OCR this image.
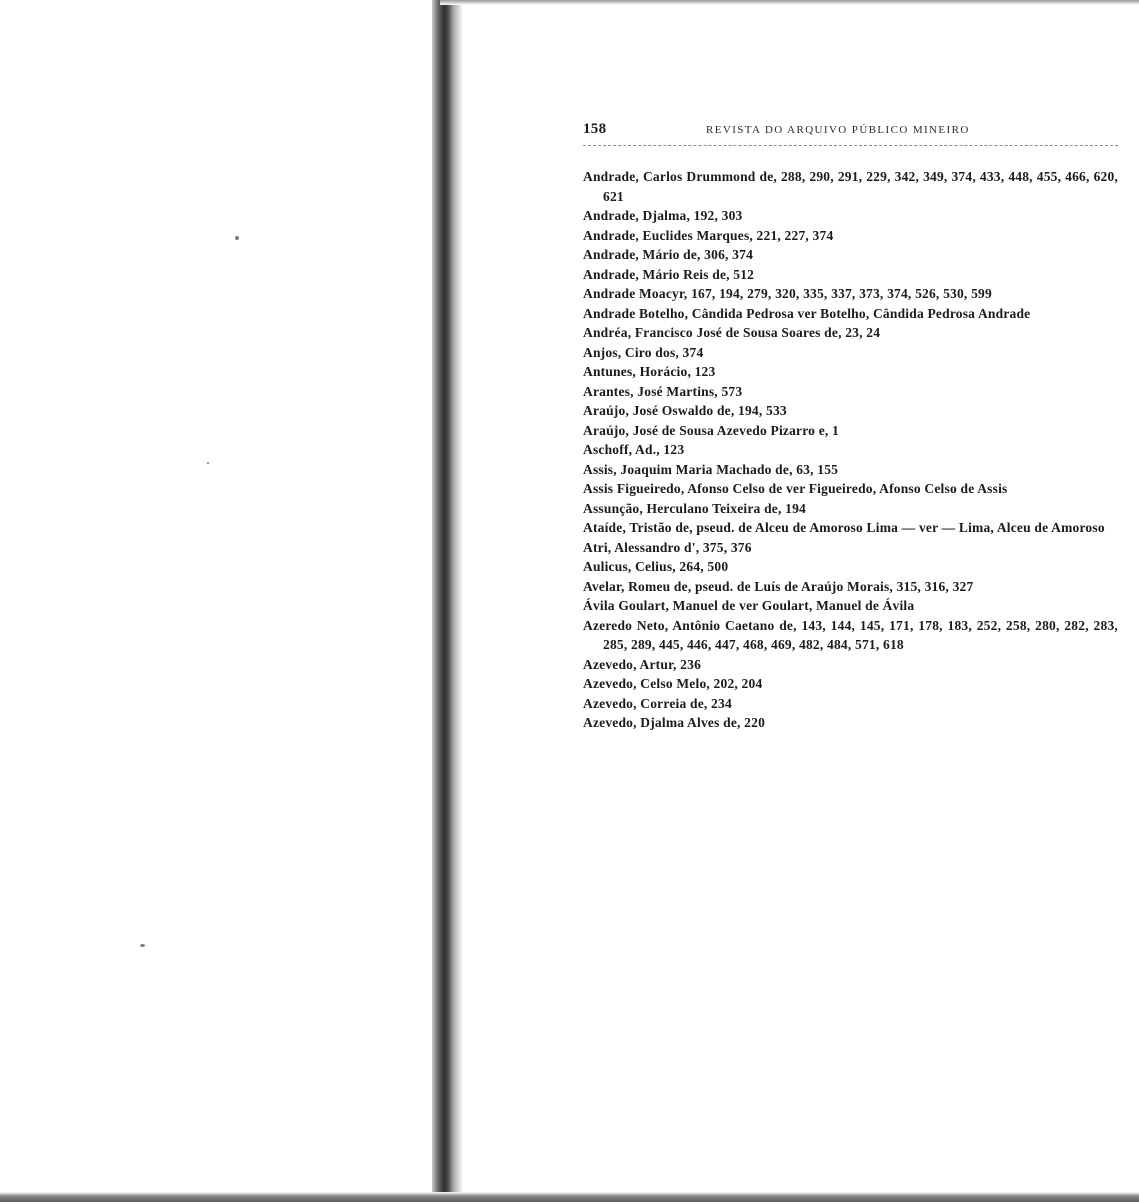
158	REVISTA DO ARQUIVO PÚBLICO MINEIRO

Andrade, Carlos Drummond de, 288, 290, 291, 229, 342, 349, 374, 433, 448, 455, 466, 620, 621

Andrade, Djalma, 192, 303

Andrade, Euclides Marques, 221, 227, 374

Andrade, Mário de, 306, 374

Andrade, Mário Reis de, 512

Andrade Moacyr, 167, 194, 279, 320, 335, 337, 373, 374, 526, 530, 599

Andrade Botelho, Cândida Pedrosa ver Botelho, Cândida Pedrosa Andrade

Andréa, Francisco José de Sousa Soares de, 23, 24

Anjos, Ciro dos, 374

Antunes, Horácio, 123

Arantes, José Martins, 573

Araújo, José Oswaldo de, 194, 533

Araújo, José de Sousa Azevedo Pizarro e, 1

Aschoff, Ad., 123

Assis, Joaquim Maria Machado de, 63, 155

Assis Figueiredo, Afonso Celso de ver Figueiredo, Afonso Celso de Assis

Assunção, Herculano Teixeira de, 194

Ataíde, Tristão de, pseud. de Alceu de Amoroso Lima — ver — Lima, Alceu de Amoroso

Atri, Alessandro d', 375, 376

Aulicus, Celius, 264, 500

Avelar, Romeu de, pseud. de Luís de Araújo Morais, 315, 316, 327

Ávila Goulart, Manuel de ver Goulart, Manuel de Ávila

Azeredo Neto, Antônio Caetano de, 143, 144, 145, 171, 178, 183, 252, 258, 280, 282, 283, 285, 289, 445, 446, 447, 468, 469, 482, 484, 571, 618

Azevedo, Artur, 236

Azevedo, Celso Melo, 202, 204

Azevedo, Correia de, 234

Azevedo, Djalma Alves de, 220
